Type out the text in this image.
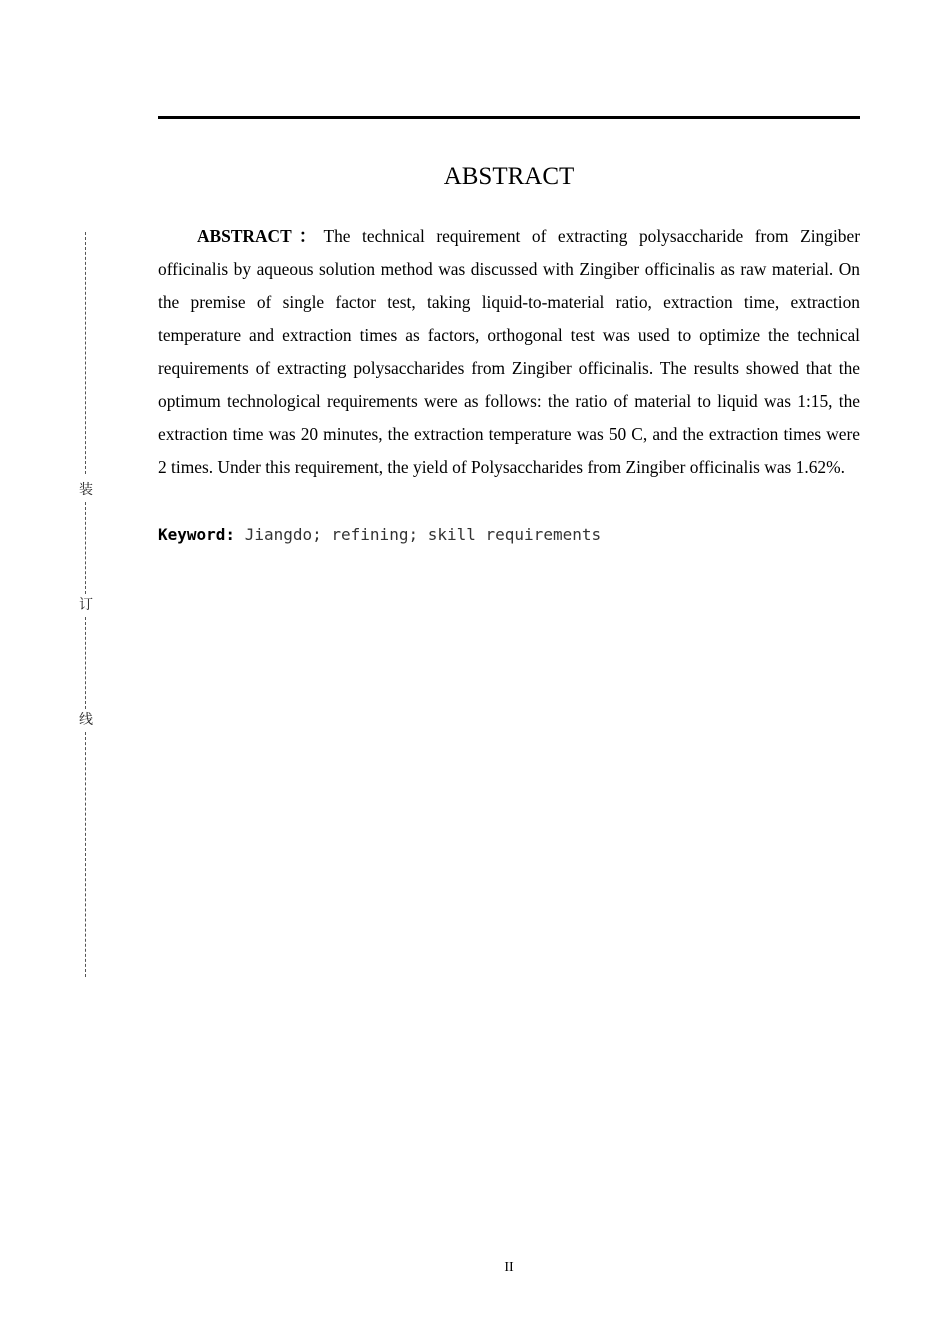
装
订
线
ABSTRACT

ABSTRACT：The technical requirement of extracting polysaccharide from Zingiber officinalis by aqueous solution method was discussed with Zingiber officinalis as raw material. On the premise of single factor test, taking liquid-to-material ratio, extraction time, extraction temperature and extraction times as factors, orthogonal test was used to optimize the technical requirements of extracting polysaccharides from Zingiber officinalis. The results showed that the optimum technological requirements were as follows: the ratio of material to liquid was 1:15, the extraction time was 20 minutes, the extraction temperature was 50 C, and the extraction times were 2 times. Under this requirement, the yield of Polysaccharides from Zingiber officinalis was 1.62%.

Keyword: Jiangdo; refining; skill requirements

II
